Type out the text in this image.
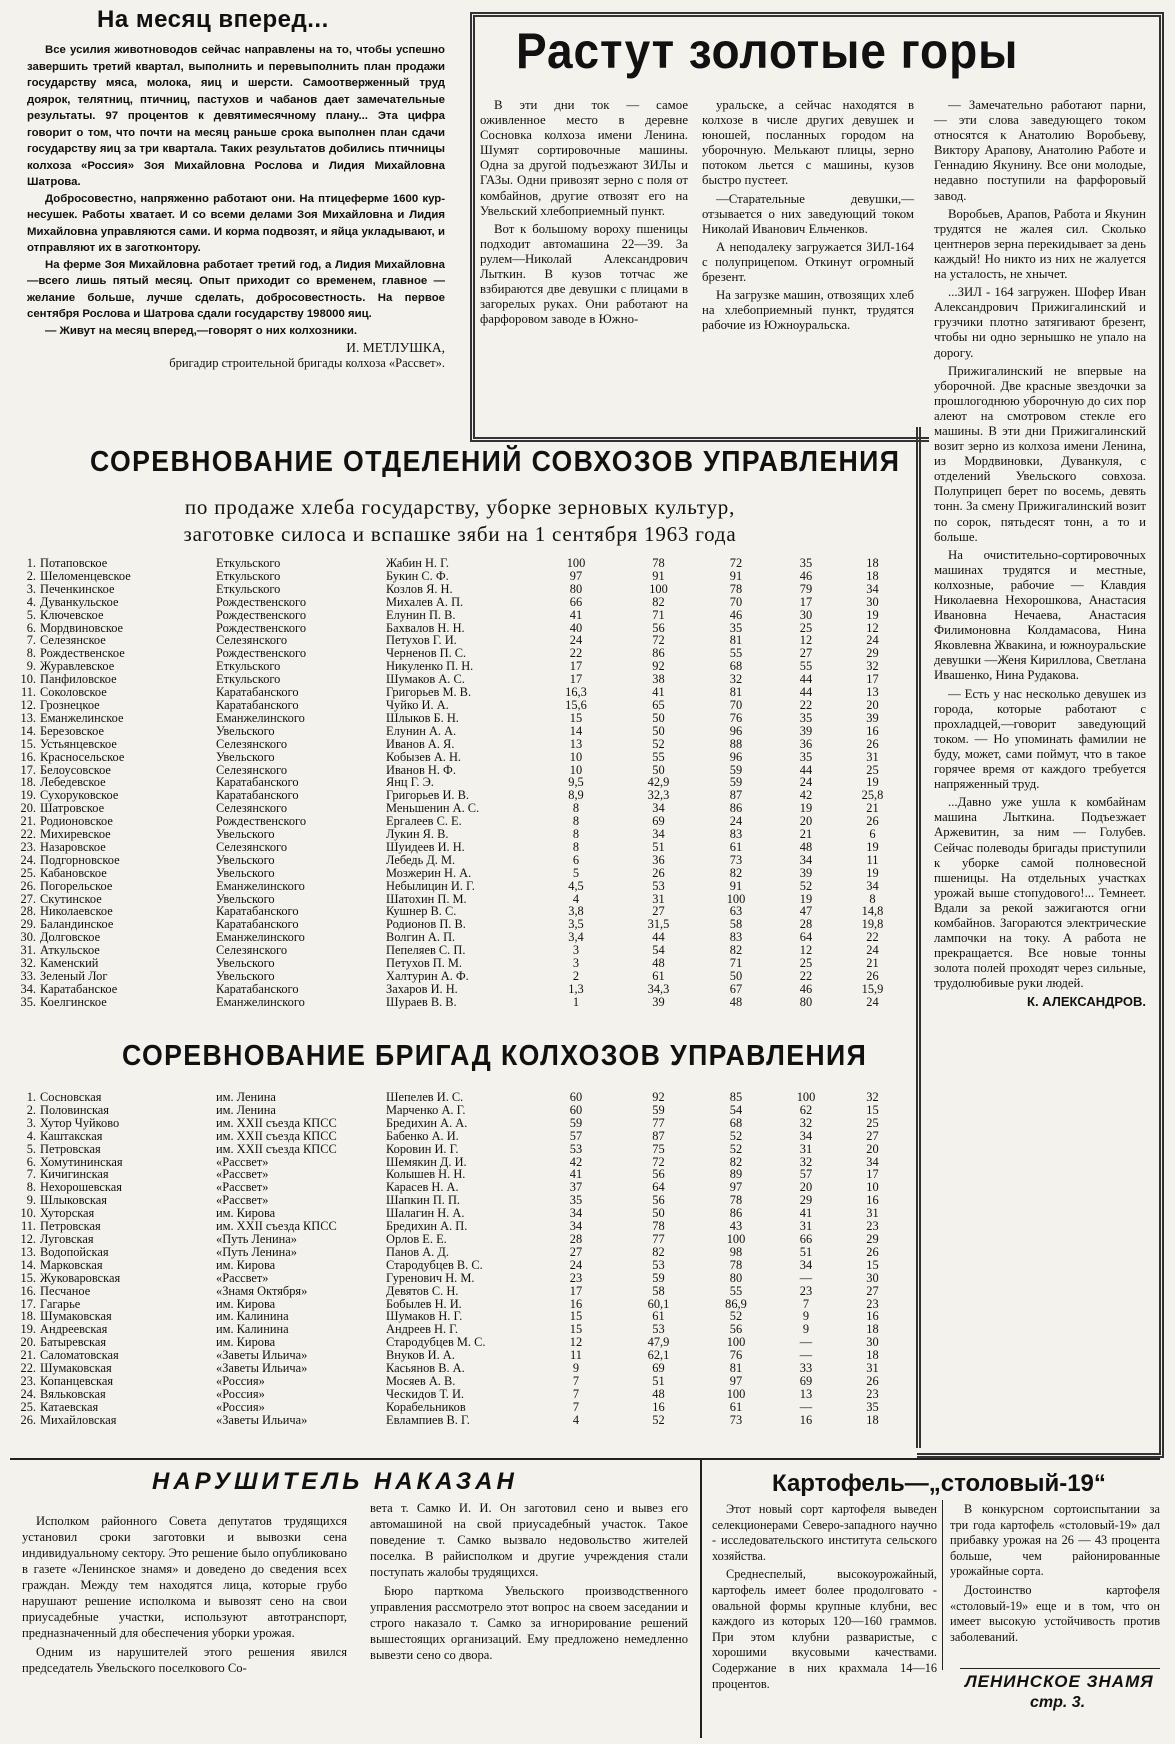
На месяц вперед...

Все усилия животноводов сейчас направлены на то, чтобы успешно завершить третий квартал, выполнить и перевыполнить план продажи государству мяса, молока, яиц и шерсти. Самоотверженный труд доярок, телятниц, птичниц, пастухов и чабанов дает замечательные результаты. 97 процентов к девятимесячному плану... Эта цифра говорит о том, что почти на месяц раньше срока выполнен план сдачи государству яиц за три квартала. Таких результатов добились птичницы колхоза «Россия» Зоя Михайловна Рослова и Лидия Михайловна Шатрова.

Добросовестно, напряженно работают они. На птицеферме 1600 кур-несушек. Работы хватает. И со всеми делами Зоя Михайловна и Лидия Михайловна управляются сами. И корма подвозят, и яйца укладывают, и отправляют их в заготконтору.

На ферме Зоя Михайловна работает третий год, а Лидия Михайловна—всего лишь пятый месяц. Опыт приходит со временем, главное —желание больше, лучше сделать, добросовестность. На первое сентября Рослова и Шатрова сдали государству 198000 яиц.

— Живут на месяц вперед,—говорят о них колхозники.

И. МЕТЛУШКА,
бригадир строительной бригады колхоза «Рассвет».
Растут золотые горы

В эти дни ток — самое оживленное место в деревне Сосновка колхоза имени Ленина. Шумят сортировочные машины. Одна за другой подъезжают ЗИЛы и ГАЗы. Одни привозят зерно с поля от комбайнов, другие отвозят его на Увельский хлебоприемный пункт.

Вот к большому вороху пшеницы подходит автомашина 22—39. За рулем—Николай Александрович Лыткин. В кузов тотчас же взбираются две девушки с плицами в загорелых руках. Они работают на фарфоровом заводе в Южно-

уральске, а сейчас находятся в колхозе в числе других девушек и юношей, посланных городом на уборочную. Мелькают плицы, зерно потоком льется с машины, кузов быстро пустеет.

—Старательные девушки,—отзывается о них заведующий током Николай Иванович Ельченков.

А неподалеку загружается ЗИЛ-164 с полуприцепом. Откинут огромный брезент.

На загрузке машин, отвозящих хлеб на хлебоприемный пункт, трудятся рабочие из Южноуральска.

— Замечательно работают парни, — эти слова заведующего током относятся к Анатолию Воробьеву, Виктору Арапову, Анатолию Работе и Геннадию Якунину. Все они молодые, недавно поступили на фарфоровый завод.

Воробьев, Арапов, Работа и Якунин трудятся не жалея сил. Сколько центнеров зерна перекидывает за день каждый! Но никто из них не жалуется на усталость, не хнычет.

...ЗИЛ - 164 загружен. Шофер Иван Александрович Прижигалинский и грузчики плотно затягивают брезент, чтобы ни одно зернышко не упало на дорогу.

Прижигалинский не впервые на уборочной. Две красные звездочки за прошлогоднюю уборочную до сих пор алеют на смотровом стекле его машины. В эти дни Прижигалинский возит зерно из колхоза имени Ленина, из Мордвиновки, Дуванкуля, с отделений Увельского совхоза. Полуприцеп берет по восемь, девять тонн. За смену Прижигалинский возит по сорок, пятьдесят тонн, а то и больше.

На очистительно-сортировочных машинах трудятся и местные, колхозные, рабочие — Клавдия Николаевна Нехорошкова, Анастасия Ивановна Нечаева, Анастасия Филимоновна Колдамасова, Нина Яковлевна Жвакина, и южноуральские девушки —Женя Кириллова, Светлана Ивашенко, Нина Рудакова.

— Есть у нас несколько девушек из города, которые работают с прохладцей,—говорит заведующий током. — Но упоминать фамилии не буду, может, сами поймут, что в такое горячее время от каждого требуется напряженный труд.

...Давно уже ушла к комбайнам машина Лыткина. Подъезжает Аржевитин, за ним — Голубев. Сейчас полеводы бригады приступили к уборке самой полновесной пшеницы. На отдельных участках урожай выше стопудового!... Темнеет. Вдали за рекой зажигаются огни комбайнов. Загораются электрические лампочки на току. А работа не прекращается. Все новые тонны золота полей проходят через сильные, трудолюбивые руки людей.

К. АЛЕКСАНДРОВ.
СОРЕВНОВАНИЕ ОТДЕЛЕНИЙ СОВХОЗОВ УПРАВЛЕНИЯ
по продаже хлеба государству, уборке зерновых культур,
заготовке силоса и вспашке зяби на 1 сентября 1963 года
1.	Потаповское	Еткульского	Жабин Н. Г.	100	78	72	35	18
2.	Шеломенцевское	Еткульского	Букин С. Ф.	97	91	91	46	18
3.	Печенкинское	Еткульского	Козлов Я. Н.	80	100	78	79	34
4.	Дуванкульское	Рождественского	Михалев А. П.	66	82	70	17	30
5.	Ключевское	Рождественского	Елунин П. В.	41	71	46	30	19
6.	Мордвиновское	Рождественского	Бахвалов Н. Н.	40	56	35	25	12
7.	Селезянское	Селезянского	Петухов Г. И.	24	72	81	12	24
8.	Рождественское	Рождественского	Черненов П. С.	22	86	55	27	29
9.	Журавлевское	Еткульского	Никуленко П. Н.	17	92	68	55	32
10.	Панфиловское	Еткульского	Шумаков А. С.	17	38	32	44	17
11.	Соколовское	Каратабанского	Григорьев М. В.	16,3	41	81	44	13
12.	Грознецкое	Каратабанского	Чуйко И. А.	15,6	65	70	22	20
13.	Еманжелинское	Еманжелинского	Шлыков Б. Н.	15	50	76	35	39
14.	Березовское	Увельского	Елунин А. А.	14	50	96	39	16
15.	Устьянцевское	Селезянского	Иванов А. Я.	13	52	88	36	26
16.	Красносельское	Увельского	Кобызев А. Н.	10	55	96	35	31
17.	Белоусовское	Селезянского	Иванов Н. Ф.	10	50	59	44	25
18.	Лебедевское	Каратабанского	Янц Г. Э.	9,5	42,9	59	24	19
19.	Сухоруковское	Каратабанского	Григорьев И. В.	8,9	32,3	87	42	25,8
20.	Шатровское	Селезянского	Меньшенин А. С.	8	34	86	19	21
21.	Родионовское	Рождественского	Ергалеев С. Е.	8	69	24	20	26
22.	Михиревское	Увельского	Лукин Я. В.	8	34	83	21	6
23.	Назаровское	Селезянского	Шуидеев И. Н.	8	51	61	48	19
24.	Подгорновское	Увельского	Лебедь Д. М.	6	36	73	34	11
25.	Кабановское	Увельского	Мозжерин Н. А.	5	26	82	39	19
26.	Погорельское	Еманжелинского	Небылицин И. Г.	4,5	53	91	52	34
27.	Скутинское	Увельского	Шатохин П. М.	4	31	100	19	8
28.	Николаевское	Каратабанского	Кушнер В. С.	3,8	27	63	47	14,8
29.	Баландинское	Каратабанского	Родионов П. В.	3,5	31,5	58	28	19,8
30.	Долговское	Еманжелинского	Волгин А. П.	3,4	44	83	64	22
31.	Аткульское	Селезянского	Пепеляев С. П.	3	54	82	12	24
32.	Каменский	Увельского	Петухов П. М.	3	48	71	25	21
33.	Зеленый Лог	Увельского	Халтурин А. Ф.	2	61	50	22	26
34.	Каратабанское	Каратабанского	Захаров И. Н.	1,3	34,3	67	46	15,9
35.	Коелгинское	Еманжелинского	Шураев В. В.	1	39	48	80	24
СОРЕВНОВАНИЕ БРИГАД КОЛХОЗОВ УПРАВЛЕНИЯ
1.	Сосновская	им. Ленина	Шепелев И. С.	60	92	85	100	32
2.	Половинская	им. Ленина	Марченко А. Г.	60	59	54	62	15
3.	Хутор Чуйково	им. XXII съезда КПСС	Бредихин А. А.	59	77	68	32	25
4.	Каштакская	им. XXII съезда КПСС	Бабенко А. И.	57	87	52	34	27
5.	Петровская	им. XXII съезда КПСС	Коровин И. Г.	53	75	52	31	20
6.	Хомутининская	«Рассвет»	Шемякин Д. И.	42	72	82	32	34
7.	Кичигинская	«Рассвет»	Колышев Н. Н.	41	56	89	57	17
8.	Нехорошевская	«Рассвет»	Карасев Н. А.	37	64	97	20	10
9.	Шлыковская	«Рассвет»	Шапкин П. П.	35	56	78	29	16
10.	Хуторская	им. Кирова	Шалагин Н. А.	34	50	86	41	31
11.	Петровская	им. XXII съезда КПСС	Бредихин А. П.	34	78	43	31	23
12.	Луговская	«Путь Ленина»	Орлов Е. Е.	28	77	100	66	29
13.	Водопойская	«Путь Ленина»	Панов А. Д.	27	82	98	51	26
14.	Марковская	им. Кирова	Стародубцев В. С.	24	53	78	34	15
15.	Жуковаровская	«Рассвет»	Гуренович Н. М.	23	59	80	—	30
16.	Песчаное	«Знамя Октября»	Девятов С. Н.	17	58	55	23	27
17.	Гагарье	им. Кирова	Бобылев Н. И.	16	60,1	86,9	7	23
18.	Шумаковская	им. Калинина	Шумаков Н. Г.	15	61	52	9	16
19.	Андреевская	им. Калинина	Андреев Н. Г.	15	53	56	9	18
20.	Батыревская	им. Кирова	Стародубцев М. С.	12	47,9	100	—	30
21.	Саломатовская	«Заветы Ильича»	Внуков И. А.	11	62,1	76	—	18
22.	Шумаковская	«Заветы Ильича»	Касьянов В. А.	9	69	81	33	31
23.	Копанцевская	«Россия»	Мосяев А. В.	7	51	97	69	26
24.	Вяльковская	«Россия»	Ческидов Т. И.	7	48	100	13	23
25.	Катаевская	«Россия»	Корабельников	7	16	61	—	35
26.	Михайловская	«Заветы Ильича»	Евлампиев В. Г.	4	52	73	16	18
НАРУШИТЕЛЬ НАКАЗАН

Исполком районного Совета депутатов трудящихся установил сроки заготовки и вывозки сена индивидуальному сектору. Это решение было опубликовано в газете «Ленинское знамя» и доведено до сведения всех граждан. Между тем находятся лица, которые грубо нарушают решение исполкома и вывозят сено на свои приусадебные участки, используют автотранспорт, предназначенный для обеспечения уборки урожая.

Одним из нарушителей этого решения явился председатель Увельского поселкового Со-

вета т. Самко И. И. Он заготовил сено и вывез его автомашиной на свой приусадебный участок. Такое поведение т. Самко вызвало недовольство жителей поселка. В райисполком и другие учреждения стали поступать жалобы трудящихся.

Бюро парткома Увельского производственного управления рассмотрело этот вопрос на своем заседании и строго наказало т. Самко за игнорирование решений вышестоящих организаций. Ему предложено немедленно вывезти сено со двора.

Картофель—„столовый-19“

Этот новый сорт картофеля выведен селекционерами Северо-западного научно - исследовательского института сельского хозяйства.

Среднеспелый, высокоурожайный, картофель имеет более продолговатo - овальной формы крупные клубни, вес каждого из которых 120—160 граммов. При этом клубни разваристые, с хорошими вкусовыми качествами. Содержание в них крахмала 14—16 процентов.

В конкурсном сортоиспытании за три года картофель «столовый-19» дал прибавку урожая на 26 — 43 процента больше, чем районированные урожайные сорта.

Достоинство картофеля «столовый-19» еще и в том, что он имеет высокую устойчивость против заболеваний.

ЛЕНИНСКОЕ ЗНАМЯ
стр. 3.
